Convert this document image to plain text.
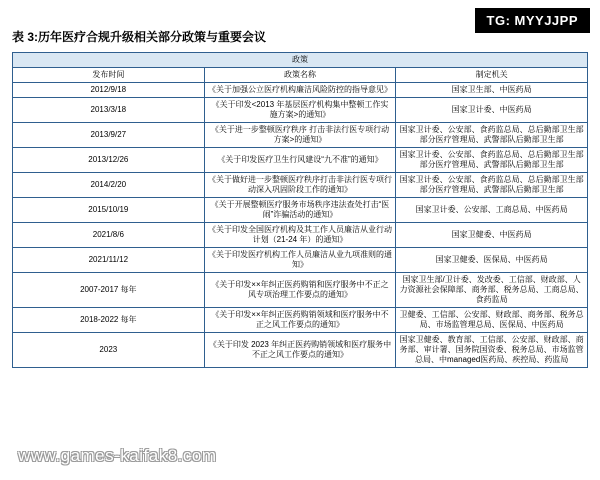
TG: MYYJJPP
表 3:历年医疗合规升级相关部分政策与重要会议
政策		
发布时间	政策名称	制定机关
2012/9/18	《关于加强公立医疗机构廉洁风险防控的指导意见》	国家卫生部、中医药局
2013/3/18	《关于印发<2013 年基层医疗机构集中整顿工作实施方案>的通知》	国家卫计委、中医药局
2013/9/27	《关于进一步整顿医疗秩序 打击非法行医专项行动方案>的通知》	国家卫计委、公安部、食药监总局、总后勤部卫生部部分医疗管理局、武警部队后勤部卫生部
2013/12/26	《关于印发医疗卫生行风建设“九不准”的通知》	国家卫计委、公安部、食药监总局、总后勤部卫生部部分医疗管理局、武警部队后勤部卫生部
2014/2/20	《关于做好进一步整顿医疗秩序打击非法行医专项行动深入巩固阶段工作的通知》	国家卫计委、公安部、食药监总局、总后勤部卫生部部分医疗管理局、武警部队后勤部卫生部
2015/10/19	《关于开展整顿医疗服务市场秩序违法查处打击“医闹”诈骗活动的通知》	国家卫计委、公安部、工商总局、中医药局
2021/8/6	《关于印发全国医疗机构及其工作人员廉洁从业行动计划（21-24 年）的通知》	国家卫健委、中医药局
2021/11/12	《关于印发医疗机构工作人员廉洁从业九项准则的通知》	国家卫健委、医保局、中医药局
2007-2017 每年	《关于印发××年纠正医药购销和医疗服务中不正之风专项治理工作要点的通知》	国家卫生部/卫计委、发改委、工信部、财政部、人力资源社会保障部、商务部、税务总局、工商总局、食药监局
2018-2022 每年	《关于印发××年纠正医药购销领域和医疗服务中不正之风工作要点的通知》	卫健委、工信部、公安部、财政部、商务部、税务总局、市场监管理总局、医保局、中医药局
2023	《关于印发 2023 年纠正医药购销领域和医疗服务中不正之风工作要点的通知》	国家卫健委、教育部、工信部、公安部、财政部、商务部、审计署、国务院国资委、税务总局、市场监管总局、中managed医药局、疾控局、药监局
www.games-kaifak8.com
